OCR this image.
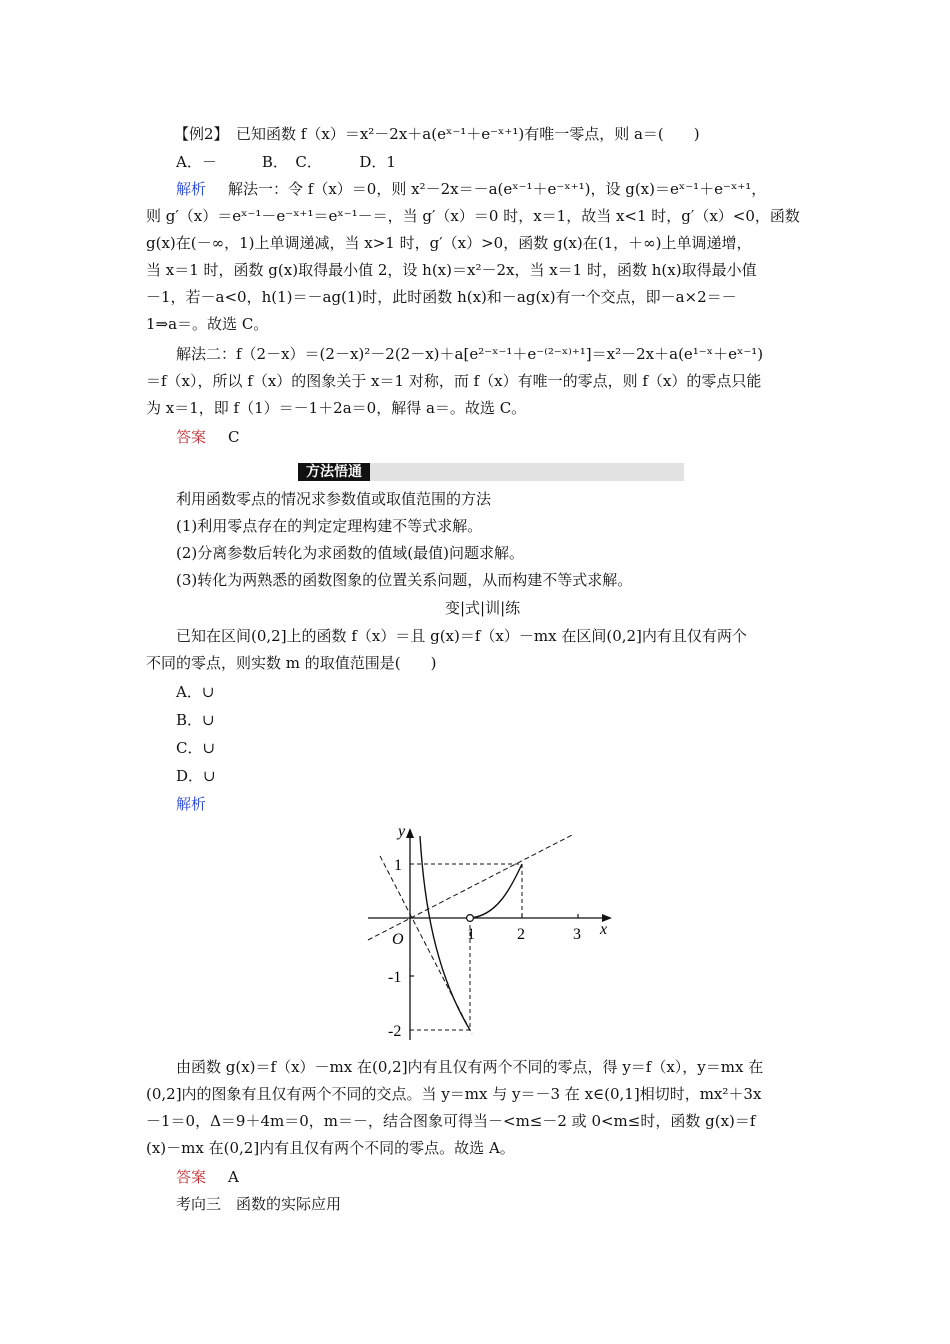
【例2】　已知函数 f（x）＝x²－2x＋a(eˣ⁻¹＋e⁻ˣ⁺¹)有唯一零点，则 a＝(　　)
A．－　　　B．　C．　　　D．1
解析 解法一：令 f（x）＝0，则 x²－2x＝－a(eˣ⁻¹＋e⁻ˣ⁺¹)，设 g(x)＝eˣ⁻¹＋e⁻ˣ⁺¹，
则 g′（x）＝eˣ⁻¹－e⁻ˣ⁺¹＝eˣ⁻¹－＝，当 g′（x）＝0 时，x＝1，故当 x<1 时，g′（x）<0，函数
g(x)在(－∞，1)上单调递减，当 x>1 时，g′（x）>0，函数 g(x)在(1，＋∞)上单调递增，
当 x＝1 时，函数 g(x)取得最小值 2，设 h(x)＝x²－2x，当 x＝1 时，函数 h(x)取得最小值
－1，若－a<0，h(1)＝－ag(1)时，此时函数 h(x)和－ag(x)有一个交点，即－a×2＝－
1⇒a＝。故选 C。
解法二：f（2－x）＝(2－x)²－2(2－x)＋a[e²⁻ˣ⁻¹＋e⁻⁽²⁻ˣ⁾⁺¹]＝x²－2x＋a(e¹⁻ˣ＋eˣ⁻¹)
＝f（x），所以 f（x）的图象关于 x＝1 对称，而 f（x）有唯一的零点，则 f（x）的零点只能
为 x＝1，即 f（1）＝－1＋2a＝0，解得 a＝。故选 C。
答案 C
方法悟通
利用函数零点的情况求参数值或取值范围的方法
(1)利用零点存在的判定定理构建不等式求解。
(2)分离参数后转化为求函数的值域(最值)问题求解。
(3)转化为两熟悉的函数图象的位置关系问题，从而构建不等式求解。
变|式|训|练
已知在区间(0,2]上的函数 f（x）＝且 g(x)＝f（x）－mx 在区间(0,2]内有且仅有两个
不同的零点，则实数 m 的取值范围是(　　)
A．∪
B．∪
C．∪
D．∪
解析
y
x
O	1	2	3
1
-1
-2
由函数 g(x)＝f（x）－mx 在(0,2]内有且仅有两个不同的零点，得 y＝f（x），y＝mx 在
(0,2]内的图象有且仅有两个不同的交点。当 y＝mx 与 y＝－3 在 x∈(0,1]相切时，mx²＋3x
－1＝0，Δ＝9＋4m＝0，m＝－，结合图象可得当－<m≤－2 或 0<m≤时，函数 g(x)＝f
(x)－mx 在(0,2]内有且仅有两个不同的零点。故选 A。
答案 A
考向三　函数的实际应用
